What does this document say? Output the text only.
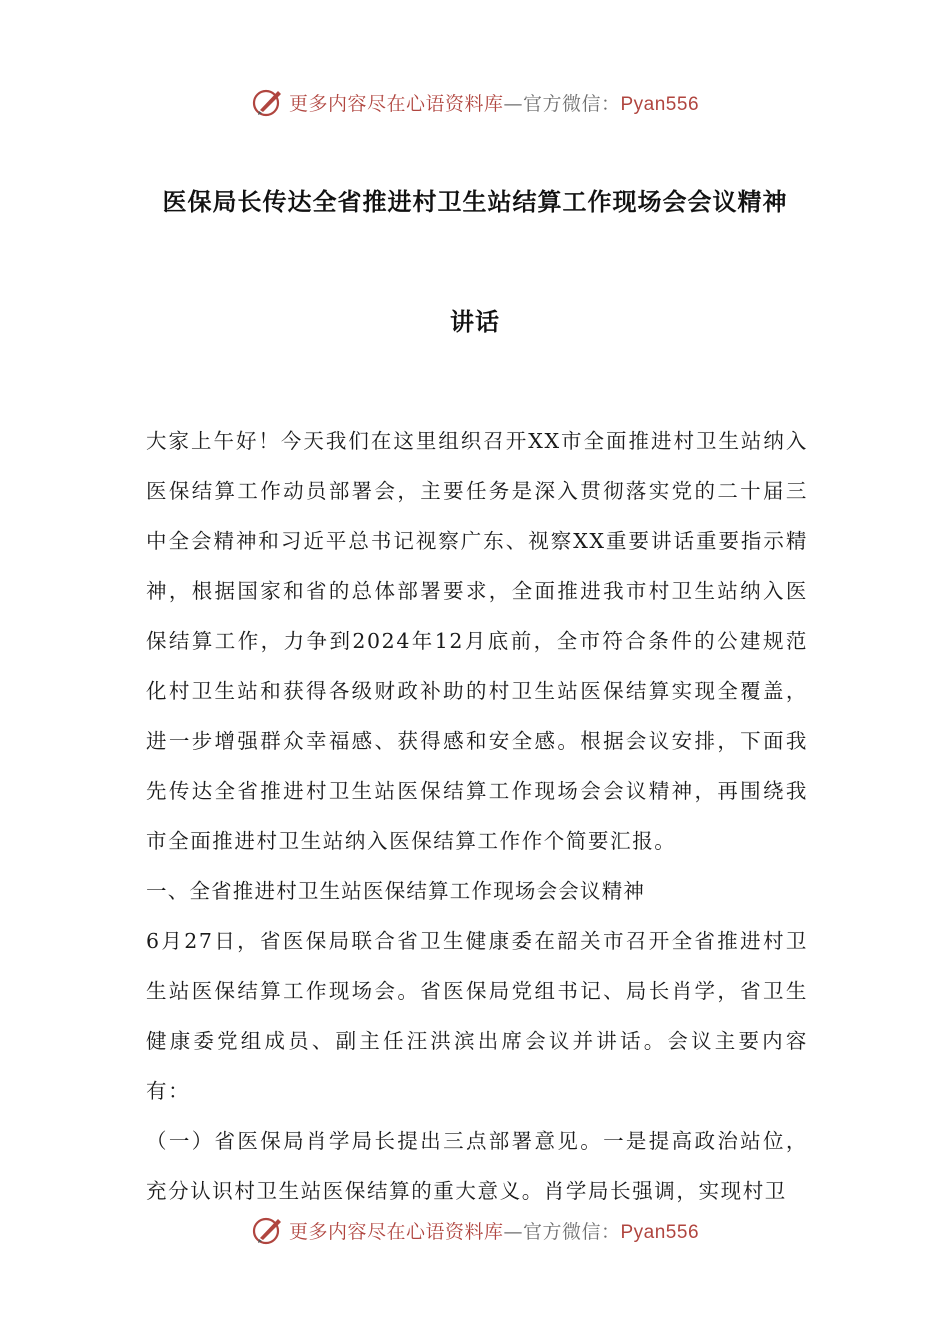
更多内容尽在心语资料库—官方微信：Pyan556
医保局长传达全省推进村卫生站结算工作现场会会议精神
讲话

大家上午好！今天我们在这里组织召开XX市全面推进村卫生站纳入医保结算工作动员部署会，主要任务是深入贯彻落实党的二十届三中全会精神和习近平总书记视察广东、视察XX重要讲话重要指示精神，根据国家和省的总体部署要求，全面推进我市村卫生站纳入医保结算工作，力争到2024年12月底前，全市符合条件的公建规范化村卫生站和获得各级财政补助的村卫生站医保结算实现全覆盖，进一步增强群众幸福感、获得感和安全感。根据会议安排，下面我先传达全省推进村卫生站医保结算工作现场会会议精神，再围绕我市全面推进村卫生站纳入医保结算工作作个简要汇报。

一、全省推进村卫生站医保结算工作现场会会议精神

6月27日，省医保局联合省卫生健康委在韶关市召开全省推进村卫生站医保结算工作现场会。省医保局党组书记、局长肖学，省卫生健康委党组成员、副主任汪洪滨出席会议并讲话。会议主要内容有：

（一）省医保局肖学局长提出三点部署意见。一是提高政治站位，充分认识村卫生站医保结算的重大意义。肖学局长强调，实现村卫

更多内容尽在心语资料库—官方微信：Pyan556
